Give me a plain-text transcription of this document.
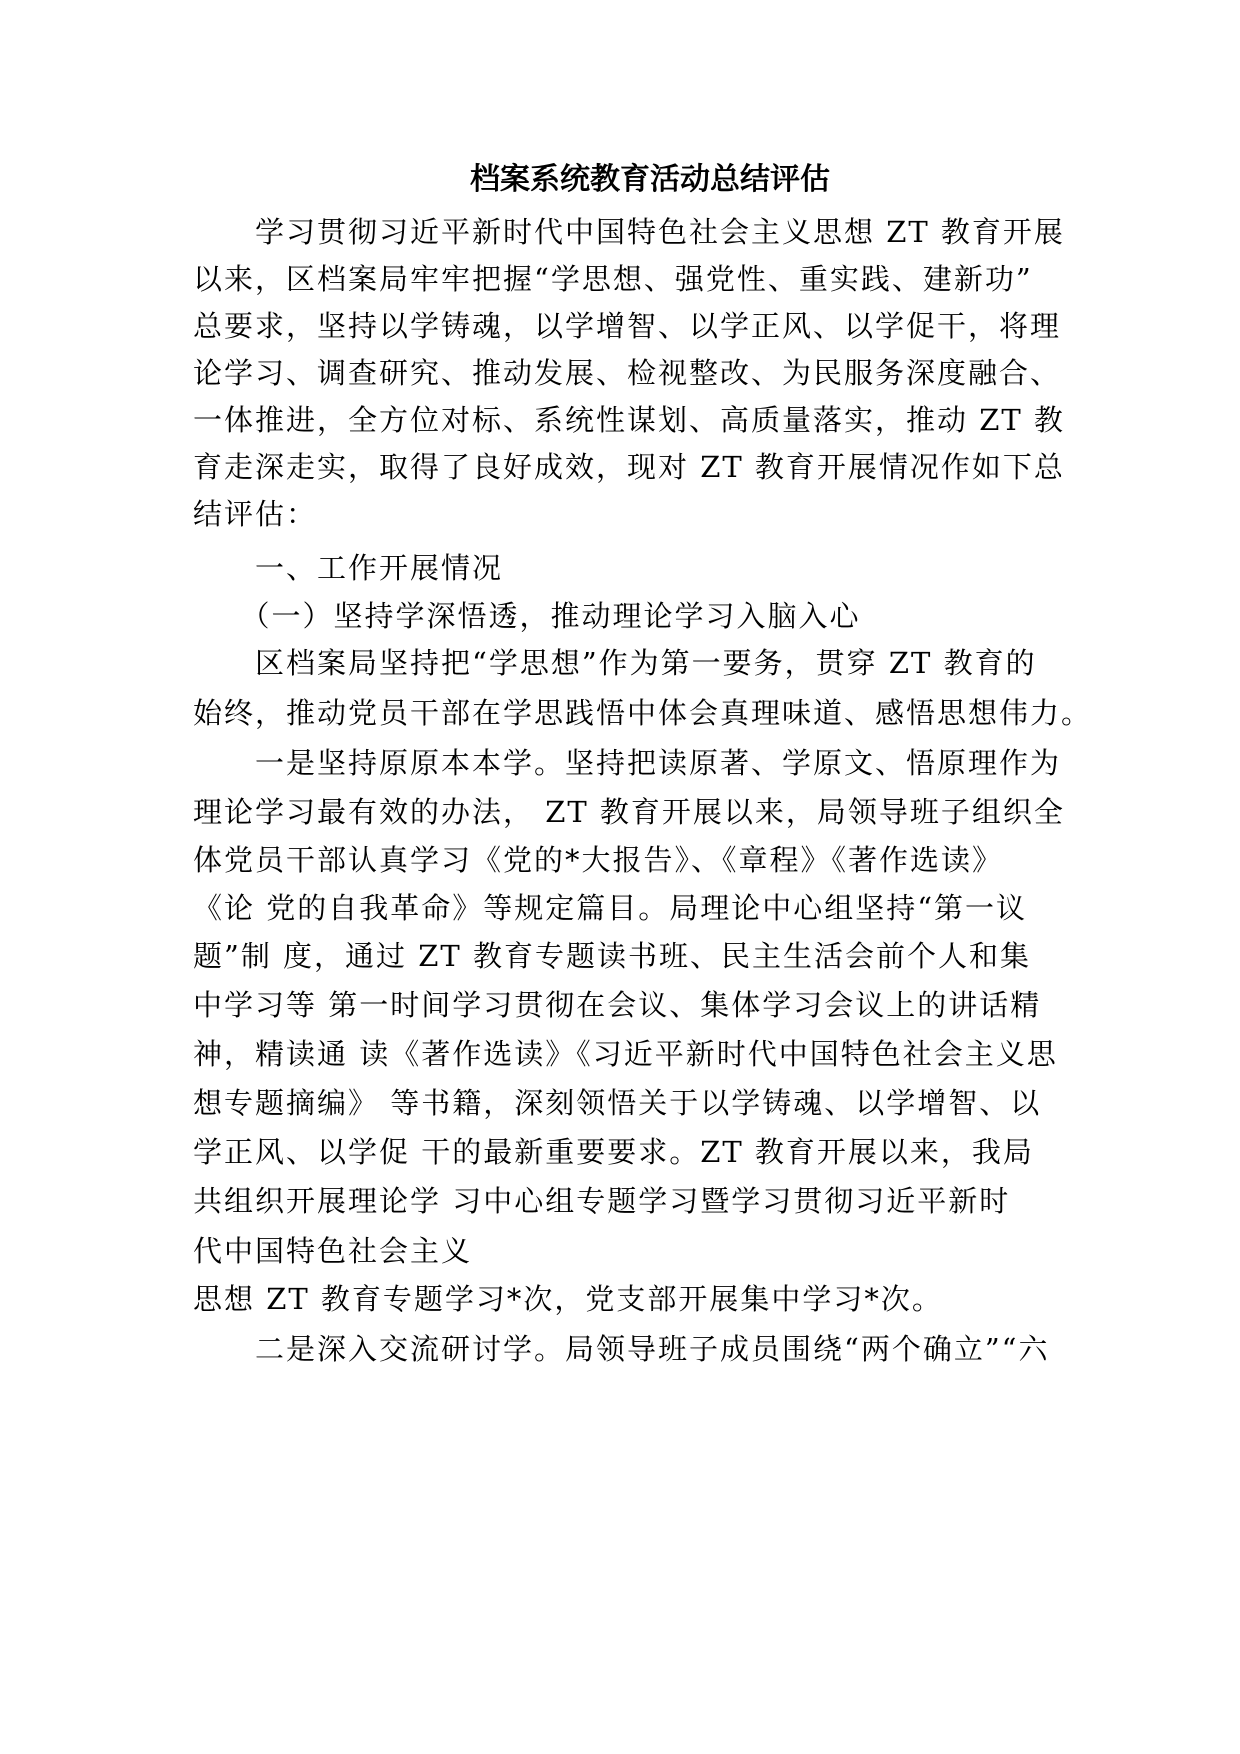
档案系统教育活动总结评估

　　学习贯彻习近平新时代中国特色社会主义思想 ZT 教育开展

以来，区档案局牢牢把握“学思想、强党性、重实践、建新功”

总要求，坚持以学铸魂，以学增智、以学正风、以学促干，将理

论学习、调查研究、推动发展、检视整改、为民服务深度融合、

一体推进，全方位对标、系统性谋划、高质量落实，推动 ZT 教

育走深走实，取得了良好成效，现对 ZT 教育开展情况作如下总

结评估：

　　一、工作开展情况

　　（一）坚持学深悟透，推动理论学习入脑入心

　　区档案局坚持把“学思想”作为第一要务，贯穿 ZT 教育的

始终，推动党员干部在学思践悟中体会真理味道、感悟思想伟力。

　　一是坚持原原本本学。坚持把读原著、学原文、悟原理作为

理论学习最有效的办法， ZT 教育开展以来，局领导班子组织全

体党员干部认真学习《党的*大报告》、《章程》《著作选读》

《论 党的自我革命》等规定篇目。局理论中心组坚持“第一议

题”制 度，通过 ZT 教育专题读书班、民主生活会前个人和集

中学习等 第一时间学习贯彻在会议、集体学习会议上的讲话精

神，精读通 读《著作选读》《习近平新时代中国特色社会主义思

想专题摘编》 等书籍，深刻领悟关于以学铸魂、以学增智、以

学正风、以学促 干的最新重要要求。ZT 教育开展以来，我局

共组织开展理论学 习中心组专题学习暨学习贯彻习近平新时

代中国特色社会主义

思想 ZT 教育专题学习*次，党支部开展集中学习*次。

　　二是深入交流研讨学。局领导班子成员围绕“两个确立”“六
